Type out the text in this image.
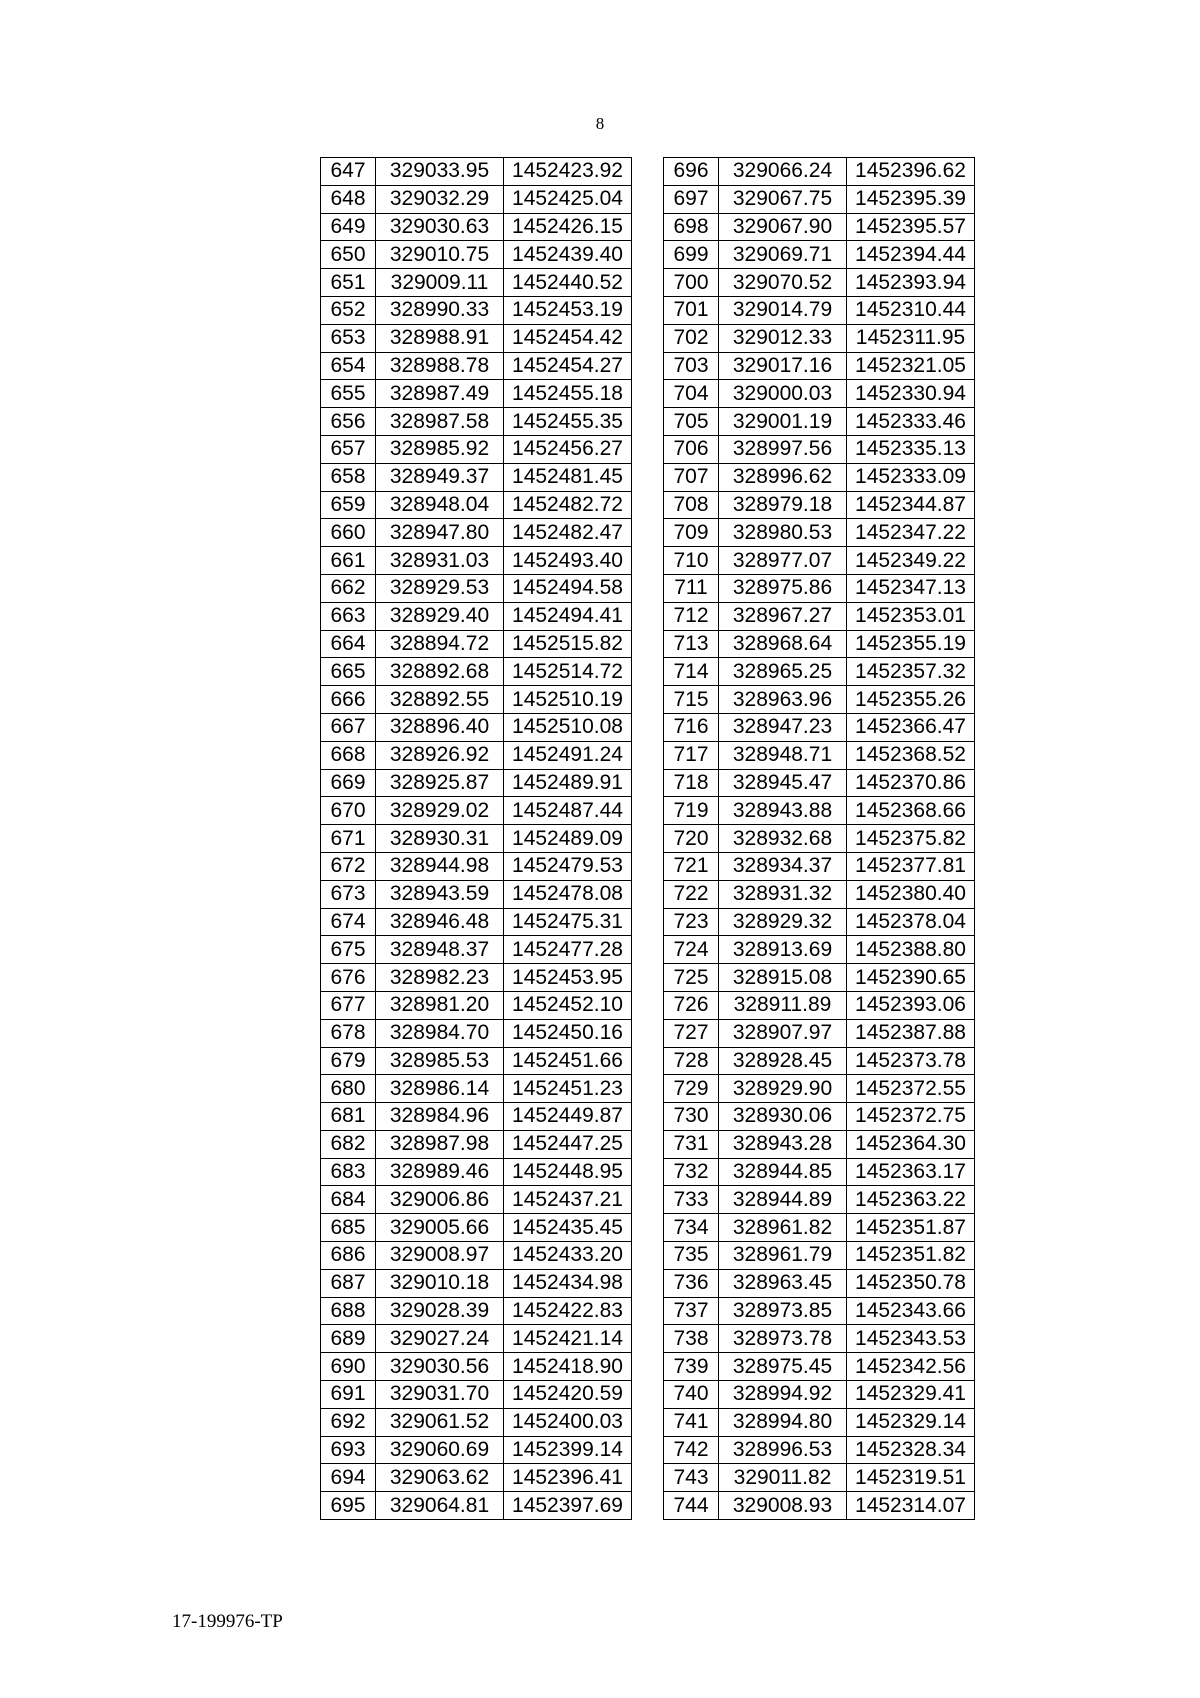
8
647	329033.95	1452423.92
648	329032.29	1452425.04
649	329030.63	1452426.15
650	329010.75	1452439.40
651	329009.11	1452440.52
652	328990.33	1452453.19
653	328988.91	1452454.42
654	328988.78	1452454.27
655	328987.49	1452455.18
656	328987.58	1452455.35
657	328985.92	1452456.27
658	328949.37	1452481.45
659	328948.04	1452482.72
660	328947.80	1452482.47
661	328931.03	1452493.40
662	328929.53	1452494.58
663	328929.40	1452494.41
664	328894.72	1452515.82
665	328892.68	1452514.72
666	328892.55	1452510.19
667	328896.40	1452510.08
668	328926.92	1452491.24
669	328925.87	1452489.91
670	328929.02	1452487.44
671	328930.31	1452489.09
672	328944.98	1452479.53
673	328943.59	1452478.08
674	328946.48	1452475.31
675	328948.37	1452477.28
676	328982.23	1452453.95
677	328981.20	1452452.10
678	328984.70	1452450.16
679	328985.53	1452451.66
680	328986.14	1452451.23
681	328984.96	1452449.87
682	328987.98	1452447.25
683	328989.46	1452448.95
684	329006.86	1452437.21
685	329005.66	1452435.45
686	329008.97	1452433.20
687	329010.18	1452434.98
688	329028.39	1452422.83
689	329027.24	1452421.14
690	329030.56	1452418.90
691	329031.70	1452420.59
692	329061.52	1452400.03
693	329060.69	1452399.14
694	329063.62	1452396.41
695	329064.81	1452397.69
696	329066.24	1452396.62
697	329067.75	1452395.39
698	329067.90	1452395.57
699	329069.71	1452394.44
700	329070.52	1452393.94
701	329014.79	1452310.44
702	329012.33	1452311.95
703	329017.16	1452321.05
704	329000.03	1452330.94
705	329001.19	1452333.46
706	328997.56	1452335.13
707	328996.62	1452333.09
708	328979.18	1452344.87
709	328980.53	1452347.22
710	328977.07	1452349.22
711	328975.86	1452347.13
712	328967.27	1452353.01
713	328968.64	1452355.19
714	328965.25	1452357.32
715	328963.96	1452355.26
716	328947.23	1452366.47
717	328948.71	1452368.52
718	328945.47	1452370.86
719	328943.88	1452368.66
720	328932.68	1452375.82
721	328934.37	1452377.81
722	328931.32	1452380.40
723	328929.32	1452378.04
724	328913.69	1452388.80
725	328915.08	1452390.65
726	328911.89	1452393.06
727	328907.97	1452387.88
728	328928.45	1452373.78
729	328929.90	1452372.55
730	328930.06	1452372.75
731	328943.28	1452364.30
732	328944.85	1452363.17
733	328944.89	1452363.22
734	328961.82	1452351.87
735	328961.79	1452351.82
736	328963.45	1452350.78
737	328973.85	1452343.66
738	328973.78	1452343.53
739	328975.45	1452342.56
740	328994.92	1452329.41
741	328994.80	1452329.14
742	328996.53	1452328.34
743	329011.82	1452319.51
744	329008.93	1452314.07
17-199976-TP
